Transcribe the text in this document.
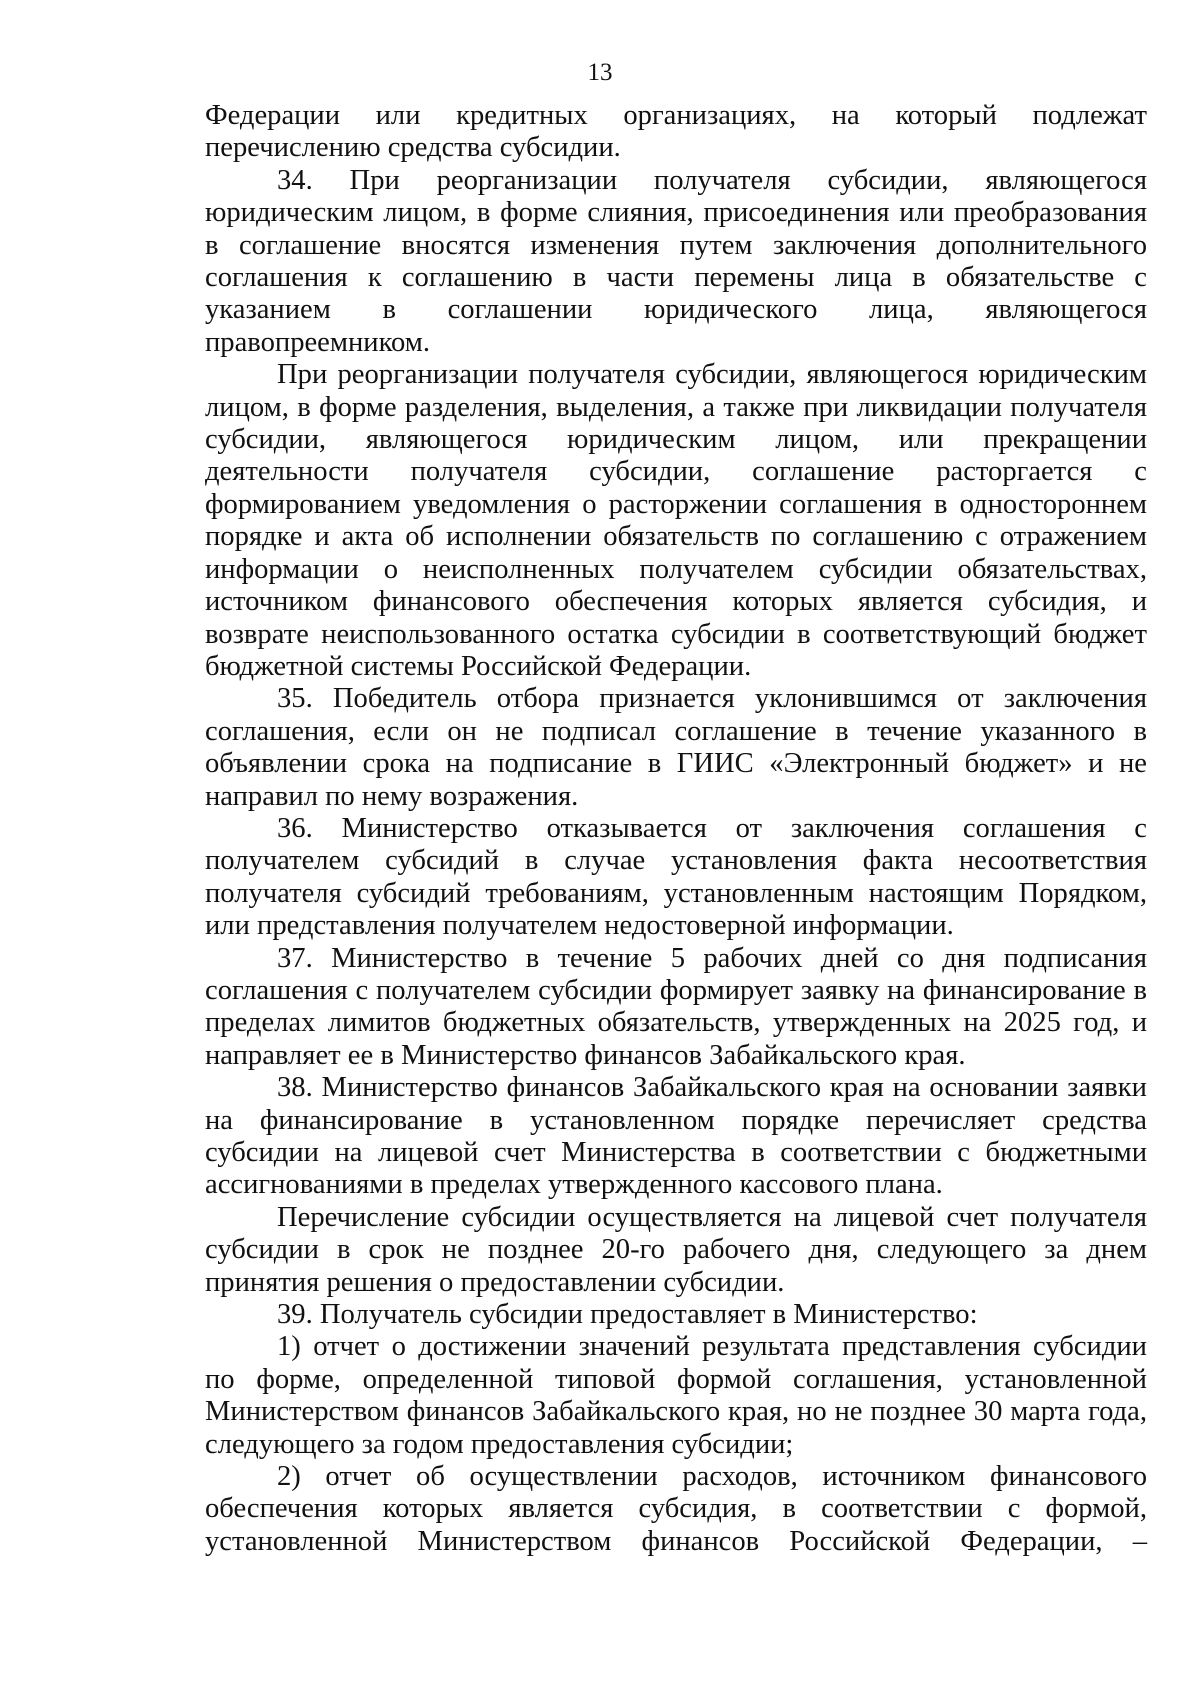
13
Федерации или кредитных организациях, на который подлежат перечислению средства субсидии.
34. При реорганизации получателя субсидии, являющегося юридическим лицом, в форме слияния, присоединения или преобразования в соглашение вносятся изменения путем заключения дополнительного соглашения к соглашению в части перемены лица в обязательстве с указанием в соглашении юридического лица, являющегося правопреемником.
При реорганизации получателя субсидии, являющегося юридическим лицом, в форме разделения, выделения, а также при ликвидации получателя субсидии, являющегося юридическим лицом, или прекращении деятельности получателя субсидии, соглашение расторгается с формированием уведомления о расторжении соглашения в одностороннем порядке и акта об исполнении обязательств по соглашению с отражением информации о неисполненных получателем субсидии обязательствах, источником финансового обеспечения которых является субсидия, и возврате неиспользованного остатка субсидии в соответствующий бюджет бюджетной системы Российской Федерации.
35. Победитель отбора признается уклонившимся от заключения соглашения, если он не подписал соглашение в течение указанного в объявлении срока на подписание в ГИИС «Электронный бюджет» и не направил по нему возражения.
36. Министерство отказывается от заключения соглашения с получателем субсидий в случае установления факта несоответствия получателя субсидий требованиям, установленным настоящим Порядком, или представления получателем недостоверной информации.
37. Министерство в течение 5 рабочих дней со дня подписания соглашения с получателем субсидии формирует заявку на финансирование в пределах лимитов бюджетных обязательств, утвержденных на 2025 год, и направляет ее в Министерство финансов Забайкальского края.
38. Министерство финансов Забайкальского края на основании заявки на финансирование в установленном порядке перечисляет средства субсидии на лицевой счет Министерства в соответствии с бюджетными ассигнованиями в пределах утвержденного кассового плана.
Перечисление субсидии осуществляется на лицевой счет получателя субсидии в срок не позднее 20-го рабочего дня, следующего за днем принятия решения о предоставлении субсидии.
39. Получатель субсидии предоставляет в Министерство:
1) отчет о достижении значений результата представления субсидии по форме, определенной типовой формой соглашения, установленной Министерством финансов Забайкальского края, но не позднее 30 марта года, следующего за годом предоставления субсидии;
2) отчет об осуществлении расходов, источником финансового обеспечения которых является субсидия, в соответствии с формой, установленной Министерством финансов Российской Федерации, –
